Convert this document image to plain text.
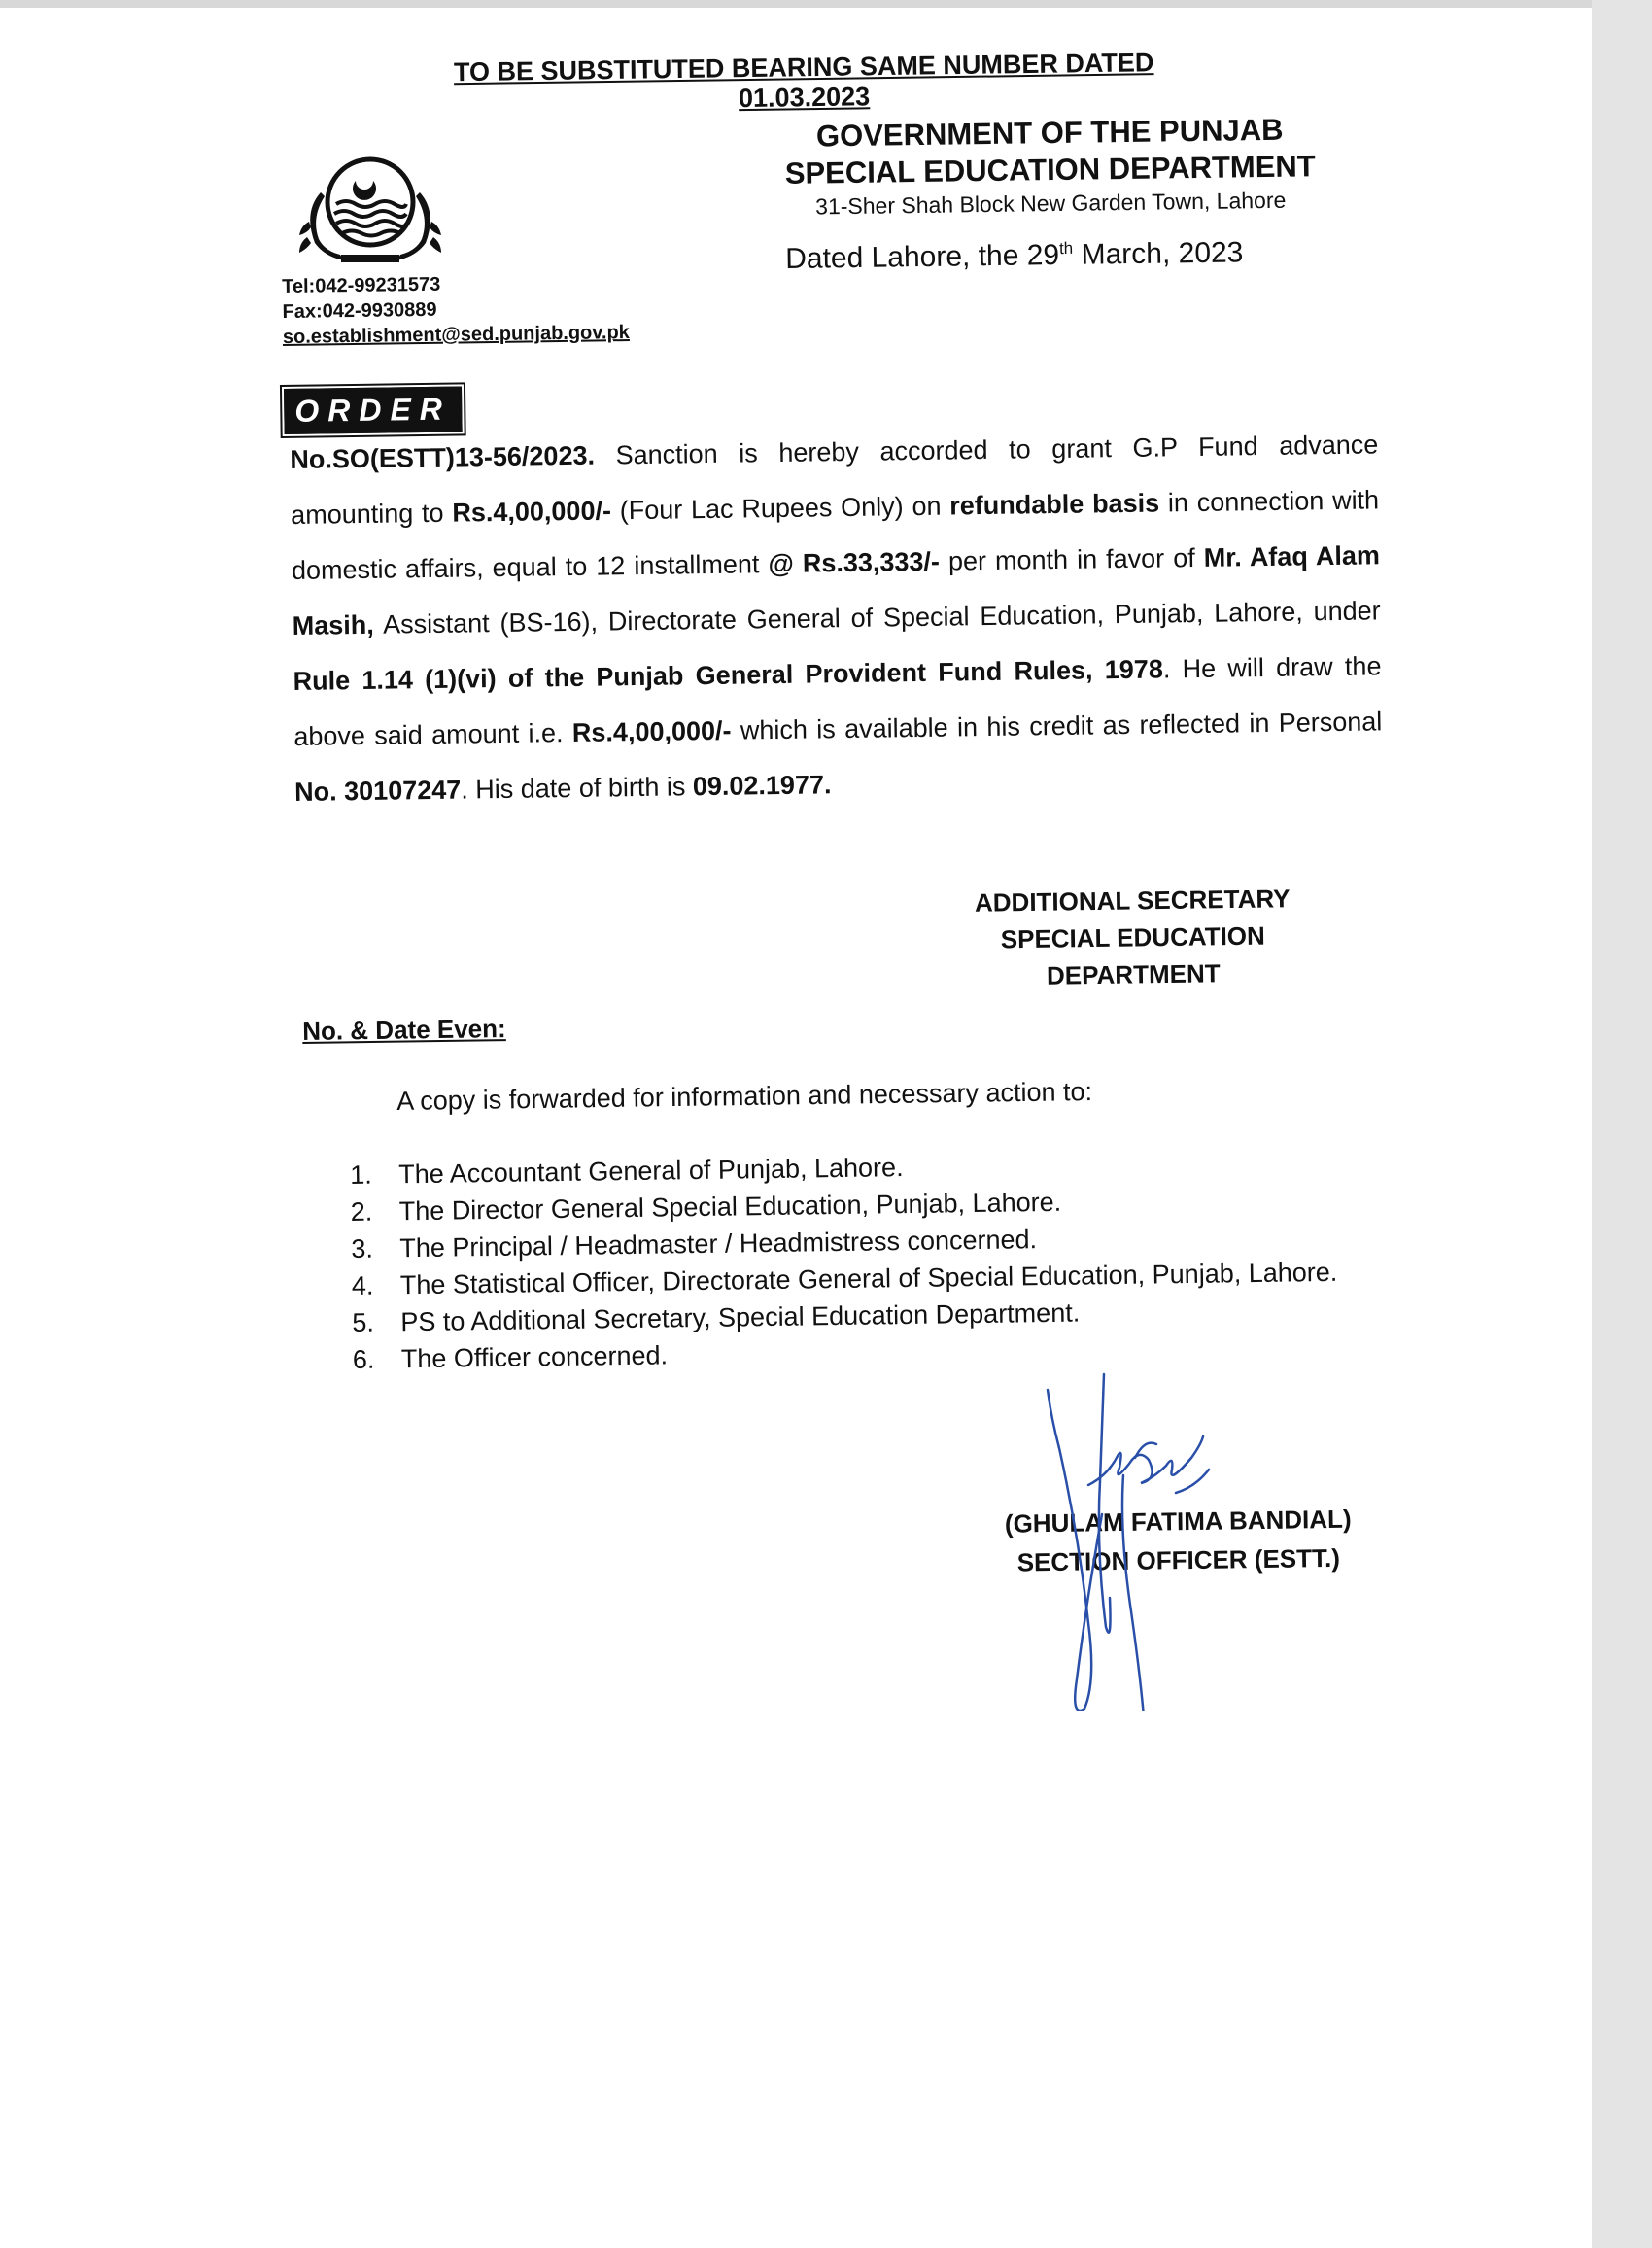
TO BE SUBSTITUTED BEARING SAME NUMBER DATED 01.03.2023
Tel:042-99231573
Fax:042-9930889
so.establishment@sed.punjab.gov.pk
GOVERNMENT OF THE PUNJAB
SPECIAL EDUCATION DEPARTMENT
31-Sher Shah Block New Garden Town, Lahore
Dated Lahore, the 29th March, 2023
ORDER
No.SO(ESTT)13-56/2023. Sanction is hereby accorded to grant G.P Fund advance amounting to Rs.4,00,000/- (Four Lac Rupees Only) on refundable basis in connection with domestic affairs, equal to 12 installment @ Rs.33,333/- per month in favor of Mr. Afaq Alam Masih, Assistant (BS-16), Directorate General of Special Education, Punjab, Lahore, under Rule 1.14 (1)(vi) of the Punjab General Provident Fund Rules, 1978. He will draw the above said amount i.e. Rs.4,00,000/- which is available in his credit as reflected in Personal No. 30107247. His date of birth is 09.02.1977.
ADDITIONAL SECRETARY
SPECIAL EDUCATION
DEPARTMENT
No. & Date Even:
A copy is forwarded for information and necessary action to:
1.	The Accountant General of Punjab, Lahore.
2.	The Director General Special Education, Punjab, Lahore.
3.	The Principal / Headmaster / Headmistress concerned.
4.	The Statistical Officer, Directorate General of Special Education, Punjab, Lahore.
5.	PS to Additional Secretary, Special Education Department.
6.	The Officer concerned.
(GHULAM FATIMA BANDIAL)
SECTION OFFICER (ESTT.)
